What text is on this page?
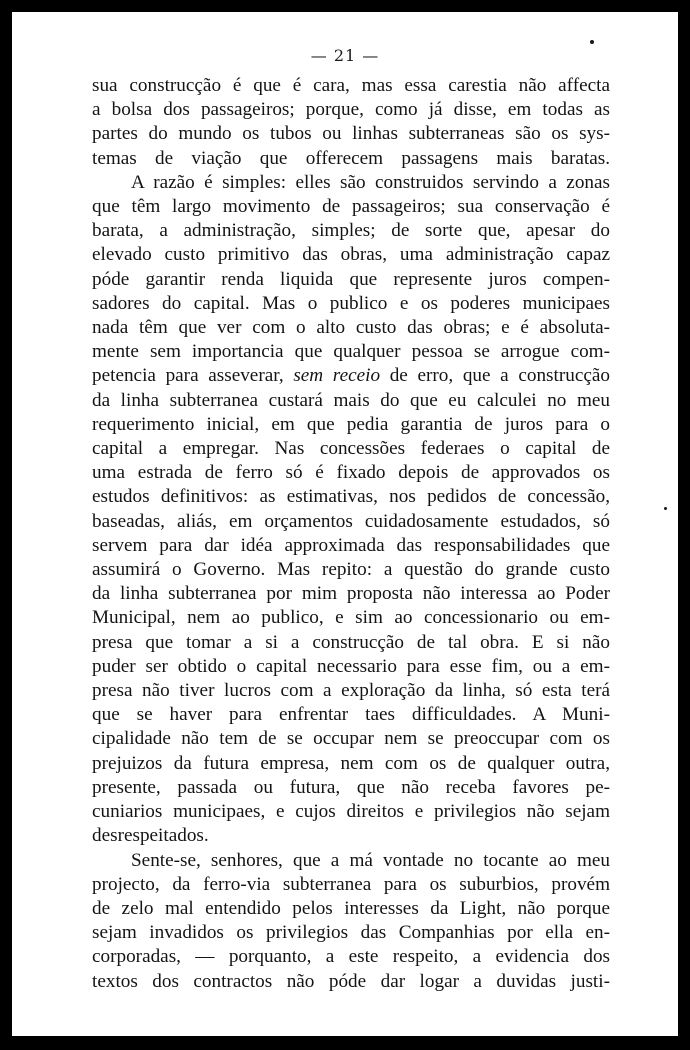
— 21 —

sua construcção é que é cara, mas essa carestia não affecta
a bolsa dos passageiros; porque, como já disse, em todas as
partes do mundo os tubos ou linhas subterraneas são os sys-
temas de viação que offerecem passagens mais baratas.

A razão é simples: elles são construidos servindo a zonas
que têm largo movimento de passageiros; sua conservação é
barata, a administração, simples; de sorte que, apesar do
elevado custo primitivo das obras, uma administração capaz
póde garantir renda liquida que represente juros compen-
sadores do capital. Mas o publico e os poderes municipaes
nada têm que ver com o alto custo das obras; e é absoluta-
mente sem importancia que qualquer pessoa se arrogue com-
petencia para asseverar, sem receio de erro, que a construcção
da linha subterranea custará mais do que eu calculei no meu
requerimento inicial, em que pedia garantia de juros para o
capital a empregar. Nas concessões federaes o capital de
uma estrada de ferro só é fixado depois de approvados os
estudos definitivos: as estimativas, nos pedidos de concessão,
baseadas, aliás, em orçamentos cuidadosamente estudados, só
servem para dar idéa approximada das responsabilidades que
assumirá o Governo. Mas repito: a questão do grande custo
da linha subterranea por mim proposta não interessa ao Poder
Municipal, nem ao publico, e sim ao concessionario ou em-
presa que tomar a si a construcção de tal obra. E si não
puder ser obtido o capital necessario para esse fim, ou a em-
presa não tiver lucros com a exploração da linha, só esta terá
que se haver para enfrentar taes difficuldades. A Muni-
cipalidade não tem de se occupar nem se preoccupar com os
prejuizos da futura empresa, nem com os de qualquer outra,
presente, passada ou futura, que não receba favores pe-
cuniarios municipaes, e cujos direitos e privilegios não sejam
desrespeitados.

Sente-se, senhores, que a má vontade no tocante ao meu
projecto, da ferro-via subterranea para os suburbios, provém
de zelo mal entendido pelos interesses da Light, não porque
sejam invadidos os privilegios das Companhias por ella en-
corporadas, — porquanto, a este respeito, a evidencia dos
textos dos contractos não póde dar logar a duvidas justi-
